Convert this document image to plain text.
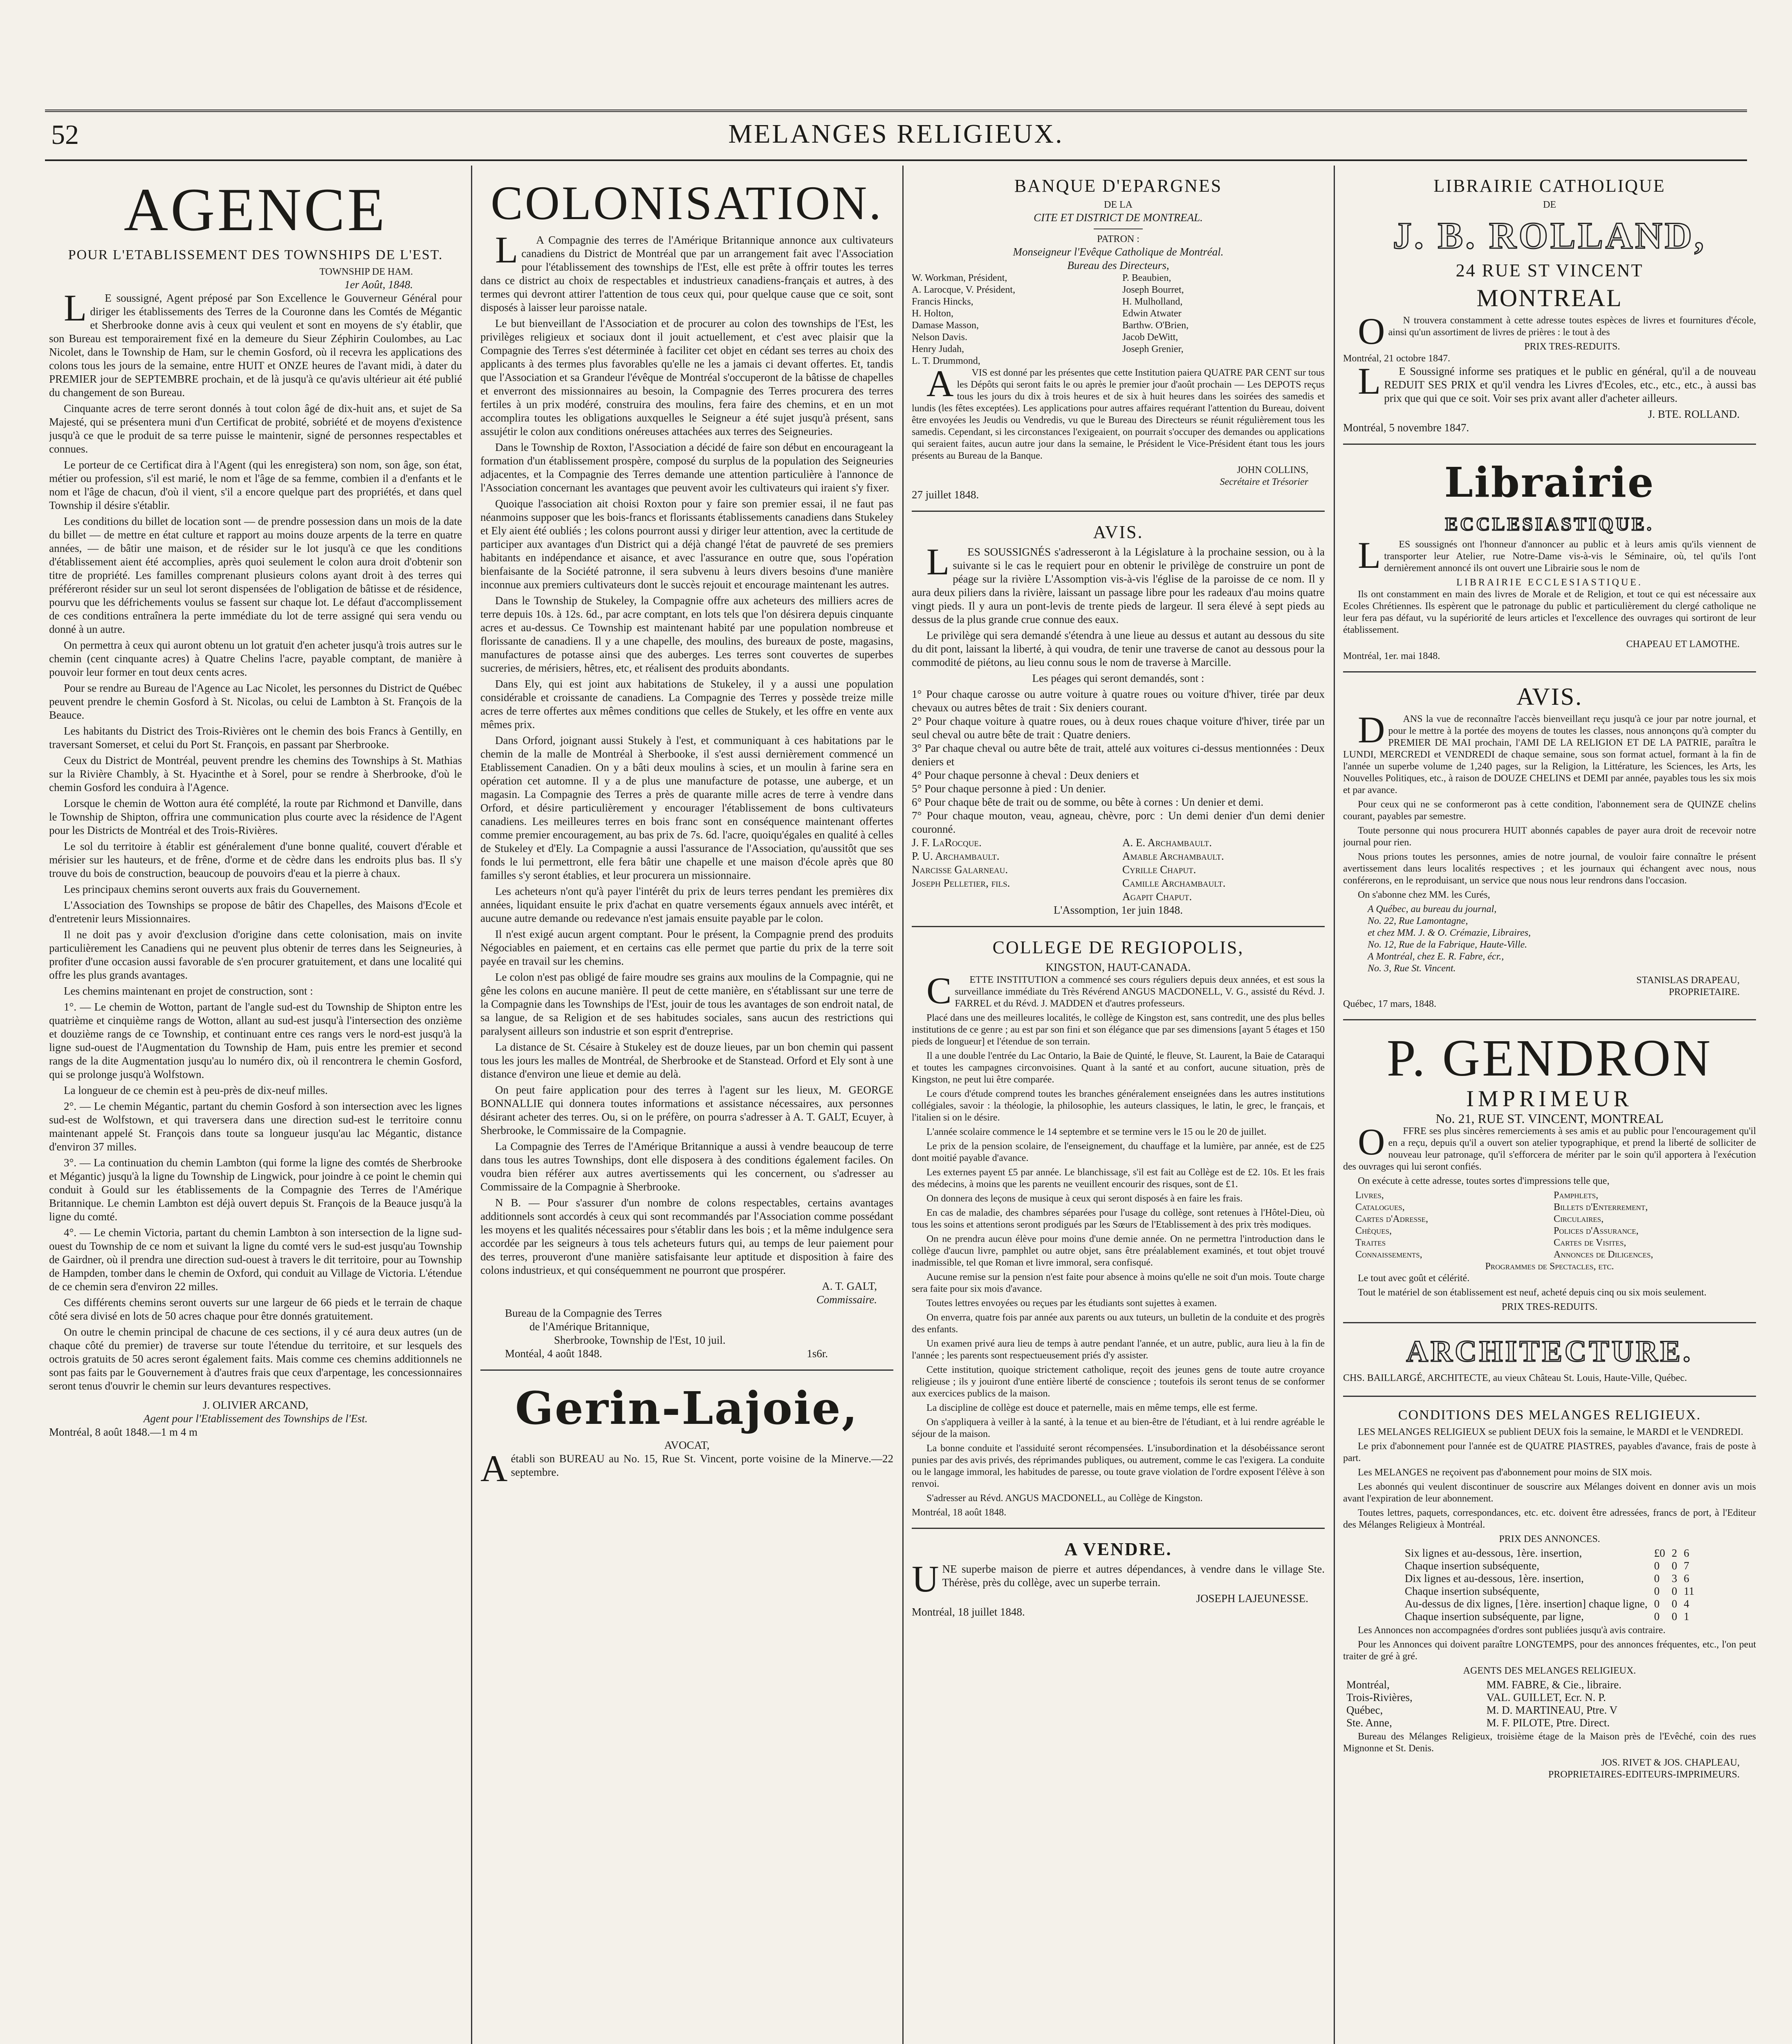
52	MELANGES RELIGIEUX.
AGENCE
POUR L'ETABLISSEMENT DES TOWNSHIPS DE L'EST.
TOWNSHIP DE HAM.
1er Août, 1848.

LE soussigné, Agent préposé par Son Excellence le Gouverneur Général pour diriger les établissements des Terres de la Couronne dans les Comtés de Mégantic et Sherbrooke donne avis à ceux qui veulent et sont en moyens de s'y établir, que son Bureau est temporairement fixé en la demeure du Sieur Zéphirin Coulombes, au Lac Nicolet, dans le Township de Ham, sur le chemin Gosford, où il recevra les applications des colons tous les jours de la semaine, entre HUIT et ONZE heures de l'avant midi, à dater du PREMIER jour de SEPTEMBRE prochain, et de là jusqu'à ce qu'avis ultérieur ait été publié du changement de son Bureau.

Cinquante acres de terre seront donnés à tout colon âgé de dix-huit ans, et sujet de Sa Majesté, qui se présentera muni d'un Certificat de probité, sobriété et de moyens d'existence jusqu'à ce que le produit de sa terre puisse le maintenir, signé de personnes respectables et connues.

Le porteur de ce Certificat dira à l'Agent (qui les enregistera) son nom, son âge, son état, métier ou profession, s'il est marié, le nom et l'âge de sa femme, combien il a d'enfants et le nom et l'âge de chacun, d'où il vient, s'il a encore quelque part des propriétés, et dans quel Township il désire s'établir.

Les conditions du billet de location sont — de prendre possession dans un mois de la date du billet — de mettre en état culture et rapport au moins douze arpents de la terre en quatre années, — de bâtir une maison, et de résider sur le lot jusqu'à ce que les conditions d'établissement aient été accomplies, après quoi seulement le colon aura droit d'obtenir son titre de propriété. Les familles comprenant plusieurs colons ayant droit à des terres qui préféreront résider sur un seul lot seront dispensées de l'obligation de bâtisse et de résidence, pourvu que les défrichements voulus se fassent sur chaque lot. Le défaut d'accomplissement de ces conditions entraînera la perte immédiate du lot de terre assigné qui sera vendu ou donné à un autre.

On permettra à ceux qui auront obtenu un lot gratuit d'en acheter jusqu'à trois autres sur le chemin (cent cinquante acres) à Quatre Chelins l'acre, payable comptant, de manière à pouvoir leur former en tout deux cents acres.

Pour se rendre au Bureau de l'Agence au Lac Nicolet, les personnes du District de Québec peuvent prendre le chemin Gosford à St. Nicolas, ou celui de Lambton à St. François de la Beauce.

Les habitants du District des Trois-Rivières ont le chemin des bois Francs à Gentilly, en traversant Somerset, et celui du Port St. François, en passant par Sherbrooke.

Ceux du District de Montréal, peuvent prendre les chemins des Townships à St. Mathias sur la Rivière Chambly, à St. Hyacinthe et à Sorel, pour se rendre à Sherbrooke, d'où le chemin Gosford les conduira à l'Agence.

Lorsque le chemin de Wotton aura été complété, la route par Richmond et Danville, dans le Township de Shipton, offrira une communication plus courte avec la résidence de l'Agent pour les Districts de Montréal et des Trois-Rivières.

Le sol du territoire à établir est généralement d'une bonne qualité, couvert d'érable et mérisier sur les hauteurs, et de frêne, d'orme et de cèdre dans les endroits plus bas. Il s'y trouve du bois de construction, beaucoup de pouvoirs d'eau et la pierre à chaux.

Les principaux chemins seront ouverts aux frais du Gouvernement.

L'Association des Townships se propose de bâtir des Chapelles, des Maisons d'Ecole et d'entretenir leurs Missionnaires.

Il ne doit pas y avoir d'exclusion d'origine dans cette colonisation, mais on invite particulièrement les Canadiens qui ne peuvent plus obtenir de terres dans les Seigneuries, à profiter d'une occasion aussi favorable de s'en procurer gratuitement, et dans une localité qui offre les plus grands avantages.

Les chemins maintenant en projet de construction, sont :

1°. — Le chemin de Wotton, partant de l'angle sud-est du Township de Shipton entre les quatrième et cinquième rangs de Wotton, allant au sud-est jusqu'à l'intersection des onzième et douzième rangs de ce Township, et continuant entre ces rangs vers le nord-est jusqu'à la ligne sud-ouest de l'Augmentation du Township de Ham, puis entre les premier et second rangs de la dite Augmentation jusqu'au lo numéro dix, où il rencontrera le chemin Gosford, qui se prolonge jusqu'à Wolfstown.

La longueur de ce chemin est à peu-près de dix-neuf milles.

2°. — Le chemin Mégantic, partant du chemin Gosford à son intersection avec les lignes sud-est de Wolfstown, et qui traversera dans une direction sud-est le territoire connu maintenant appelé St. François dans toute sa longueur jusqu'au lac Mégantic, distance d'environ 37 milles.

3°. — La continuation du chemin Lambton (qui forme la ligne des comtés de Sherbrooke et Mégantic) jusqu'à la ligne du Township de Lingwick, pour joindre à ce point le chemin qui conduit à Gould sur les établissements de la Compagnie des Terres de l'Amérique Britannique. Le chemin Lambton est déjà ouvert depuis St. François de la Beauce jusqu'à la ligne du comté.

4°. — Le chemin Victoria, partant du chemin Lambton à son intersection de la ligne sud-ouest du Township de ce nom et suivant la ligne du comté vers le sud-est jusqu'au Township de Gairdner, où il prendra une direction sud-ouest à travers le dit territoire, pour au Township de Hampden, tomber dans le chemin de Oxford, qui conduit au Village de Victoria. L'étendue de ce chemin sera d'environ 22 milles.

Ces différents chemins seront ouverts sur une largeur de 66 pieds et le terrain de chaque côté sera divisé en lots de 50 acres chaque pour être donnés gratuitement.

On outre le chemin principal de chacune de ces sections, il y cé aura deux autres (un de chaque côté du premier) de traverse sur toute l'étendue du territoire, et sur lesquels des octrois gratuits de 50 acres seront également faits. Mais comme ces chemins additionnels ne sont pas faits par le Gouvernement à d'autres frais que ceux d'arpentage, les concessionnaires seront tenus d'ouvrir le chemin sur leurs devantures respectives.

J. OLIVIER ARCAND,
Agent pour l'Etablissement des Townships de l'Est.
Montréal, 8 août 1848.—1 m 4 m
COLONISATION.

LA Compagnie des terres de l'Amérique Britannique annonce aux cultivateurs canadiens du District de Montréal que par un arrangement fait avec l'Association pour l'établissement des townships de l'Est, elle est prête à offrir toutes les terres dans ce district au choix de respectables et industrieux canadiens-français et autres, à des termes qui devront attirer l'attention de tous ceux qui, pour quelque cause que ce soit, sont disposés à laisser leur paroisse natale.

Le but bienveillant de l'Association et de procurer au colon des townships de l'Est, les privilèges religieux et sociaux dont il jouit actuellement, et c'est avec plaisir que la Compagnie des Terres s'est déterminée à faciliter cet objet en cédant ses terres au choix des applicants à des termes plus favorables qu'elle ne les a jamais ci devant offertes. Et, tandis que l'Association et sa Grandeur l'évêque de Montréal s'occuperont de la bâtisse de chapelles et enverront des missionnaires au besoin, la Compagnie des Terres procurera des terres fertiles à un prix modéré, construira des moulins, fera faire des chemins, et en un mot accomplira toutes les obligations auxquelles le Seigneur a été sujet jusqu'à présent, sans assujétir le colon aux conditions onéreuses attachées aux terres des Seigneuries.

Dans le Township de Roxton, l'Association a décidé de faire son début en encourageant la formation d'un établissement prospère, composé du surplus de la population des Seigneuries adjacentes, et la Compagnie des Terres demande une attention particulière à l'annonce de l'Association concernant les avantages que peuvent avoir les cultivateurs qui iraient s'y fixer.

Quoique l'association ait choisi Roxton pour y faire son premier essai, il ne faut pas néanmoins supposer que les bois-francs et florissants établissements canadiens dans Stukeley et Ely aient été oubliés ; les colons pourront aussi y diriger leur attention, avec la certitude de participer aux avantages d'un District qui a déjà changé l'état de pauvreté de ses premiers habitants en indépendance et aisance, et avec l'assurance en outre que, sous l'opération bienfaisante de la Société patronne, il sera subvenu à leurs divers besoins d'une manière inconnue aux premiers cultivateurs dont le succès rejouit et encourage maintenant les autres.

Dans le Township de Stukeley, la Compagnie offre aux acheteurs des milliers acres de terre depuis 10s. à 12s. 6d., par acre comptant, en lots tels que l'on désirera depuis cinquante acres et au-dessus. Ce Township est maintenant habité par une population nombreuse et florissante de canadiens. Il y a une chapelle, des moulins, des bureaux de poste, magasins, manufactures de potasse ainsi que des auberges. Les terres sont couvertes de superbes sucreries, de mérisiers, hêtres, etc, et réalisent des produits abondants.

Dans Ely, qui est joint aux habitations de Stukeley, il y a aussi une population considérable et croissante de canadiens. La Compagnie des Terres y possède treize mille acres de terre offertes aux mêmes conditions que celles de Stukely, et les offre en vente aux mêmes prix.

Dans Orford, joignant aussi Stukely à l'est, et communiquant à ces habitations par le chemin de la malle de Montréal à Sherbooke, il s'est aussi dernièrement commencé un Etablissement Canadien. On y a bâti deux moulins à scies, et un moulin à farine sera en opération cet automne. Il y a de plus une manufacture de potasse, une auberge, et un magasin. La Compagnie des Terres a près de quarante mille acres de terre à vendre dans Orford, et désire particulièrement y encourager l'établissement de bons cultivateurs canadiens. Les meilleures terres en bois franc sont en conséquence maintenant offertes comme premier encouragement, au bas prix de 7s. 6d. l'acre, quoiqu'égales en qualité à celles de Stukeley et d'Ely. La Compagnie a aussi l'assurance de l'Association, qu'aussitôt que ses fonds le lui permettront, elle fera bâtir une chapelle et une maison d'école après que 80 familles s'y seront établies, et leur procurera un missionnaire.

Les acheteurs n'ont qu'à payer l'intérêt du prix de leurs terres pendant les premières dix années, liquidant ensuite le prix d'achat en quatre versements égaux annuels avec intérêt, et aucune autre demande ou redevance n'est jamais ensuite payable par le colon.

Il n'est exigé aucun argent comptant. Pour le présent, la Compagnie prend des produits Négociables en paiement, et en certains cas elle permet que partie du prix de la terre soit payée en travail sur les chemins.

Le colon n'est pas obligé de faire moudre ses grains aux moulins de la Compagnie, qui ne gêne les colons en aucune manière. Il peut de cette manière, en s'établissant sur une terre de la Compagnie dans les Townships de l'Est, jouir de tous les avantages de son endroit natal, de sa langue, de sa Religion et de ses habitudes sociales, sans aucun des restrictions qui paralysent ailleurs son industrie et son esprit d'entreprise.

La distance de St. Césaire à Stukeley est de douze lieues, par un bon chemin qui passent tous les jours les malles de Montréal, de Sherbrooke et de Stanstead. Orford et Ely sont à une distance d'environ une lieue et demie au delà.

On peut faire application pour des terres à l'agent sur les lieux, M. GEORGE BONNALLIE qui donnera toutes informations et assistance nécessaires, aux personnes désirant acheter des terres. Ou, si on le préfère, on pourra s'adresser à A. T. GALT, Ecuyer, à Sherbrooke, le Commissaire de la Compagnie.

La Compagnie des Terres de l'Amérique Britannique a aussi à vendre beaucoup de terre dans tous les autres Townships, dont elle disposera à des conditions également faciles. On voudra bien référer aux autres avertissements qui les concernent, ou s'adresser au Commissaire de la Compagnie à Sherbrooke.

N B. — Pour s'assurer d'un nombre de colons respectables, certains avantages additionnels sont accordés à ceux qui sont recommandés par l'Association comme possédant les moyens et les qualités nécessaires pour s'établir dans les bois ; et la même indulgence sera accordée par les seigneurs à tous tels acheteurs futurs qui, au temps de leur paiement pour des terres, prouveront d'une manière satisfaisante leur aptitude et disposition à faire des colons industrieux, et qui conséquemment ne pourront que prospérer.

A. T. GALT,
Commissaire.
Bureau de la Compagnie des Terres
de l'Amérique Britannique,
Sherbrooke, Township de l'Est, 10 juil.
Montéal, 4 août 1848.	1s6r.
Gerin-Lajoie,
AVOCAT,

Aétabli son BUREAU au No. 15, Rue St. Vincent, porte voisine de la Minerve.—22 septembre.

BANQUE D'EPARGNES
DE LA
CITE ET DISTRICT DE MONTREAL.
PATRON :
Monseigneur l'Evêque Catholique de Montréal.
Bureau des Directeurs,
W. Workman, Président,
A. Larocque, V. Président,
Francis Hincks,
H. Holton,
Damase Masson,
Nelson Davis.
Henry Judah,
L. T. Drummond,
P. Beaubien,
Joseph Bourret,
H. Mulholland,
Edwin Atwater
Barthw. O'Brien,
Jacob DeWitt,
Joseph Grenier,

AVIS est donné par les présentes que cette Institution paiera QUATRE PAR CENT sur tous les Dépôts qui seront faits le ou après le premier jour d'août prochain — Les DEPOTS reçus tous les jours du dix à trois heures et de six à huit heures dans les soirées des samedis et lundis (les fêtes exceptées). Les applications pour autres affaires requérant l'attention du Bureau, doivent être envoyées les Jeudis ou Vendredis, vu que le Bureau des Directeurs se réunit régulièrement tous les samedis. Cependant, si les circonstances l'exigeaient, on pourrait s'occuper des demandes ou applications qui seraient faites, aucun autre jour dans la semaine, le Président le Vice-Président étant tous les jours présents au Bureau de la Banque.

JOHN COLLINS,
Secrétaire et Trésorier
27 juillet 1848.
AVIS.

LES SOUSSIGNÉS s'adresseront à la Législature à la prochaine session, ou à la suivante si le cas le requiert pour en obtenir le privilège de construire un pont de péage sur la rivière L'Assomption vis-à-vis l'église de la paroisse de ce nom. Il y aura deux piliers dans la rivière, laissant un passage libre pour les radeaux d'au moins quatre vingt pieds. Il y aura un pont-levis de trente pieds de largeur. Il sera élevé à sept pieds au dessus de la plus grande crue connue des eaux.

Le privilège qui sera demandé s'étendra à une lieue au dessus et autant au dessous du site du dit pont, laissant la liberté, à qui voudra, de tenir une traverse de canot au dessous pour la commodité de piétons, au lieu connu sous le nom de traverse à Marcille.

Les péages qui seront demandés, sont :

1° Pour chaque carosse ou autre voiture à quatre roues ou voiture d'hiver, tirée par deux chevaux ou autres bêtes de trait : Six deniers courant.
2° Pour chaque voiture à quatre roues, ou à deux roues chaque voiture d'hiver, tirée par un seul cheval ou autre bête de trait : Quatre deniers.
3° Par chaque cheval ou autre bête de trait, attelé aux voitures ci-dessus mentionnées : Deux deniers et
4° Pour chaque personne à cheval : Deux deniers et
5° Pour chaque personne à pied : Un denier.
6° Pour chaque bête de trait ou de somme, ou bête à cornes : Un denier et demi.
7° Pour chaque mouton, veau, agneau, chèvre, porc : Un demi denier d'un demi denier couronné.
J. F. LaRocque.
P. U. Archambault.
Narcisse Galarneau.
Joseph Pelletier, fils.
A. E. Archambault.
Amable Archambault.
Cyrille Chaput.
Camille Archambault.
Agapit Chaput.
L'Assomption, 1er juin 1848.
COLLEGE DE REGIOPOLIS,
KINGSTON, HAUT-CANADA.

CETTE INSTITUTION a commencé ses cours réguliers depuis deux années, et est sous la surveillance immédiate du Très Révérend ANGUS MACDONELL, V. G., assisté du Révd. J. FARREL et du Révd. J. MADDEN et d'autres professeurs.

Placé dans une des meilleures localités, le collège de Kingston est, sans contredit, une des plus belles institutions de ce genre ; au est par son fini et son élégance que par ses dimensions [ayant 5 étages et 150 pieds de longueur] et l'étendue de son terrain.

Il a une double l'entrée du Lac Ontario, la Baie de Quinté, le fleuve, St. Laurent, la Baie de Cataraqui et toutes les campagnes circonvoisines. Quant à la santé et au confort, aucune situation, près de Kingston, ne peut lui être comparée.

Le cours d'étude comprend toutes les branches généralement enseignées dans les autres institutions collégiales, savoir : la théologie, la philosophie, les auteurs classiques, le latin, le grec, le français, et l'italien si on le désire.

L'année scolaire commence le 14 septembre et se termine vers le 15 ou le 20 de juillet.

Le prix de la pension scolaire, de l'enseignement, du chauffage et la lumière, par année, est de £25 dont moitié payable d'avance.

Les externes payent £5 par année. Le blanchissage, s'il est fait au Collège est de £2. 10s. Et les frais des médecins, à moins que les parents ne veuillent encourir des risques, sont de £1.

On donnera des leçons de musique à ceux qui seront disposés à en faire les frais.

En cas de maladie, des chambres séparées pour l'usage du collège, sont retenues à l'Hôtel-Dieu, où tous les soins et attentions seront prodigués par les Sœurs de l'Etablissement à des prix très modiques.

On ne prendra aucun élève pour moins d'une demie année. On ne permettra l'introduction dans le collège d'aucun livre, pamphlet ou autre objet, sans être préalablement examinés, et tout objet trouvé inadmissible, tel que Roman et livre immoral, sera confisqué.

Aucune remise sur la pension n'est faite pour absence à moins qu'elle ne soit d'un mois. Toute charge sera faite pour six mois d'avance.

Toutes lettres envoyées ou reçues par les étudiants sont sujettes à examen.

On enverra, quatre fois par année aux parents ou aux tuteurs, un bulletin de la conduite et des progrès des enfants.

Un examen privé aura lieu de temps à autre pendant l'année, et un autre, public, aura lieu à la fin de l'année ; les parents sont respectueusement priés d'y assister.

Cette institution, quoique strictement catholique, reçoit des jeunes gens de toute autre croyance religieuse ; ils y jouiront d'une entière liberté de conscience ; toutefois ils seront tenus de se conformer aux exercices publics de la maison.

La discipline de collège est douce et paternelle, mais en même temps, elle est ferme.

On s'appliquera à veiller à la santé, à la tenue et au bien-être de l'étudiant, et à lui rendre agréable le séjour de la maison.

La bonne conduite et l'assiduité seront récompensées. L'insubordination et la désobéissance seront punies par des avis privés, des réprimandes publiques, ou autrement, comme le cas l'exigera. La conduite ou le langage immoral, les habitudes de paresse, ou toute grave violation de l'ordre exposent l'élève à son renvoi.

S'adresser au Révd. ANGUS MACDONELL, au Collège de Kingston.

Montréal, 18 août 1848.
A VENDRE.

UNE superbe maison de pierre et autres dépendances, à vendre dans le village Ste. Thérèse, près du collège, avec un superbe terrain.

JOSEPH LAJEUNESSE.
Montréal, 18 juillet 1848.
LIBRAIRIE CATHOLIQUE
DE
J. B. ROLLAND,
24 RUE ST VINCENT
MONTREAL

ON trouvera constamment à cette adresse toutes espèces de livres et fournitures d'école, ainsi qu'un assortiment de livres de prières : le tout à des

PRIX TRES-REDUITS.
Montréal, 21 octobre 1847.

LE Soussigné informe ses pratiques et le public en général, qu'il a de nouveau REDUIT SES PRIX et qu'il vendra les Livres d'Ecoles, etc., etc., etc., à aussi bas prix que qui que ce soit. Voir ses prix avant aller d'acheter ailleurs.

J. BTE. ROLLAND.
Montréal, 5 novembre 1847.
Librairie
ECCLESIASTIQUE.

LES soussignés ont l'honneur d'annoncer au public et à leurs amis qu'ils viennent de transporter leur Atelier, rue Notre-Dame vis-à-vis le Séminaire, où, tel qu'ils l'ont dernièrement annoncé ils ont ouvert une Librairie sous le nom de

LIBRAIRIE ECCLESIASTIQUE.

Ils ont constamment en main des livres de Morale et de Religion, et tout ce qui est nécessaire aux Ecoles Chrétiennes. Ils espèrent que le patronage du public et particulièrement du clergé catholique ne leur fera pas défaut, vu la supériorité de leurs articles et l'excellence des ouvrages qui sortiront de leur établissement.

CHAPEAU ET LAMOTHE.
Montréal, 1er. mai 1848.
AVIS.

DANS la vue de reconnaître l'accès bienveillant reçu jusqu'à ce jour par notre journal, et pour le mettre à la portée des moyens de toutes les classes, nous annonçons qu'à compter du PREMIER DE MAI prochain, l'AMI DE LA RELIGION ET DE LA PATRIE, paraîtra le LUNDI, MERCREDI et VENDREDI de chaque semaine, sous son format actuel, formant à la fin de l'année un superbe volume de 1,240 pages, sur la Religion, la Littérature, les Sciences, les Arts, les Nouvelles Politiques, etc., à raison de DOUZE CHELINS et DEMI par année, payables tous les six mois et par avance.

Pour ceux qui ne se conformeront pas à cette condition, l'abonnement sera de QUINZE chelins courant, payables par semestre.

Toute personne qui nous procurera HUIT abonnés capables de payer aura droit de recevoir notre journal pour rien.

Nous prions toutes les personnes, amies de notre journal, de vouloir faire connaître le présent avertissement dans leurs localités respectives ; et les journaux qui échangent avec nous, nous conférerons, en le reproduisant, un service que nous nous leur rendrons dans l'occasion.

On s'abonne chez MM. les Curés,

A Québec, au bureau du journal,
No. 22, Rue Lamontagne,
et chez MM. J. & O. Crémazie, Libraires,
No. 12, Rue de la Fabrique, Haute-Ville.
A Montréal, chez E. R. Fabre, écr.,
No. 3, Rue St. Vincent.
STANISLAS DRAPEAU,
PROPRIETAIRE.
Québec, 17 mars, 1848.
P. GENDRON
IMPRIMEUR
No. 21, RUE ST. VINCENT, MONTREAL

OFFRE ses plus sincères remerciements à ses amis et au public pour l'encouragement qu'il en a reçu, depuis qu'il a ouvert son atelier typographique, et prend la liberté de solliciter de nouveau leur patronage, qu'il s'efforcera de mériter par le soin qu'il apportera à l'exécution des ouvrages qui lui seront confiés.

On exécute à cette adresse, toutes sortes d'impressions telle que,

Livres,
Catalogues,
Cartes d'Adresse,
Chèques,
Traites
Connaissements,
Pamphlets,
Billets d'Enterrement,
Circulaires,
Polices d'Assurance,
Cartes de Visites,
Annonces de Diligences,
Programmes de Spectacles, etc.

Le tout avec goût et célérité.

Tout le matériel de son établissement est neuf, acheté depuis cinq ou six mois seulement.

PRIX TRES-REDUITS.
ARCHITECTURE.

CHS. BAILLARGÉ, ARCHITECTE, au vieux Château St. Louis, Haute-Ville, Québec.

CONDITIONS DES MELANGES RELIGIEUX.

LES MELANGES RELIGIEUX se publient DEUX fois la semaine, le MARDI et le VENDREDI.

Le prix d'abonnement pour l'année est de QUATRE PIASTRES, payables d'avance, frais de poste à part.

Les MELANGES ne reçoivent pas d'abonnement pour moins de SIX mois.

Les abonnés qui veulent discontinuer de souscrire aux Mélanges doivent en donner avis un mois avant l'expiration de leur abonnement.

Toutes lettres, paquets, correspondances, etc. etc. doivent être adressées, francs de port, à l'Editeur des Mélanges Religieux à Montréal.

PRIX DES ANNONCES.
Six lignes et au-dessous, 1ère. insertion,	£0	2	6
Chaque insertion subséquente,	0	0	7
Dix lignes et au-dessous, 1ère. insertion,	0	3	6
Chaque insertion subséquente,	0	0	11
Au-dessus de dix lignes, [1ère. insertion] chaque ligne,	0	0	4
Chaque insertion subséquente, par ligne,	0	0	1

Les Annonces non accompagnées d'ordres sont publiées jusqu'à avis contraire.

Pour les Annonces qui doivent paraître LONGTEMPS, pour des annonces fréquentes, etc., l'on peut traiter de gré à gré.

AGENTS DES MELANGES RELIGIEUX.
Montréal,	MM. FABRE, & Cie., libraire.
Trois-Rivières,	VAL. GUILLET, Ecr. N. P.
Québec,	M. D. MARTINEAU, Ptre. V
Ste. Anne,	M. F. PILOTE, Ptre. Direct.

Bureau des Mélanges Religieux, troisième étage de la Maison près de l'Evêché, coin des rues Mignonne et St. Denis.

JOS. RIVET & JOS. CHAPLEAU,
PROPRIETAIRES-EDITEURS-IMPRIMEURS.
